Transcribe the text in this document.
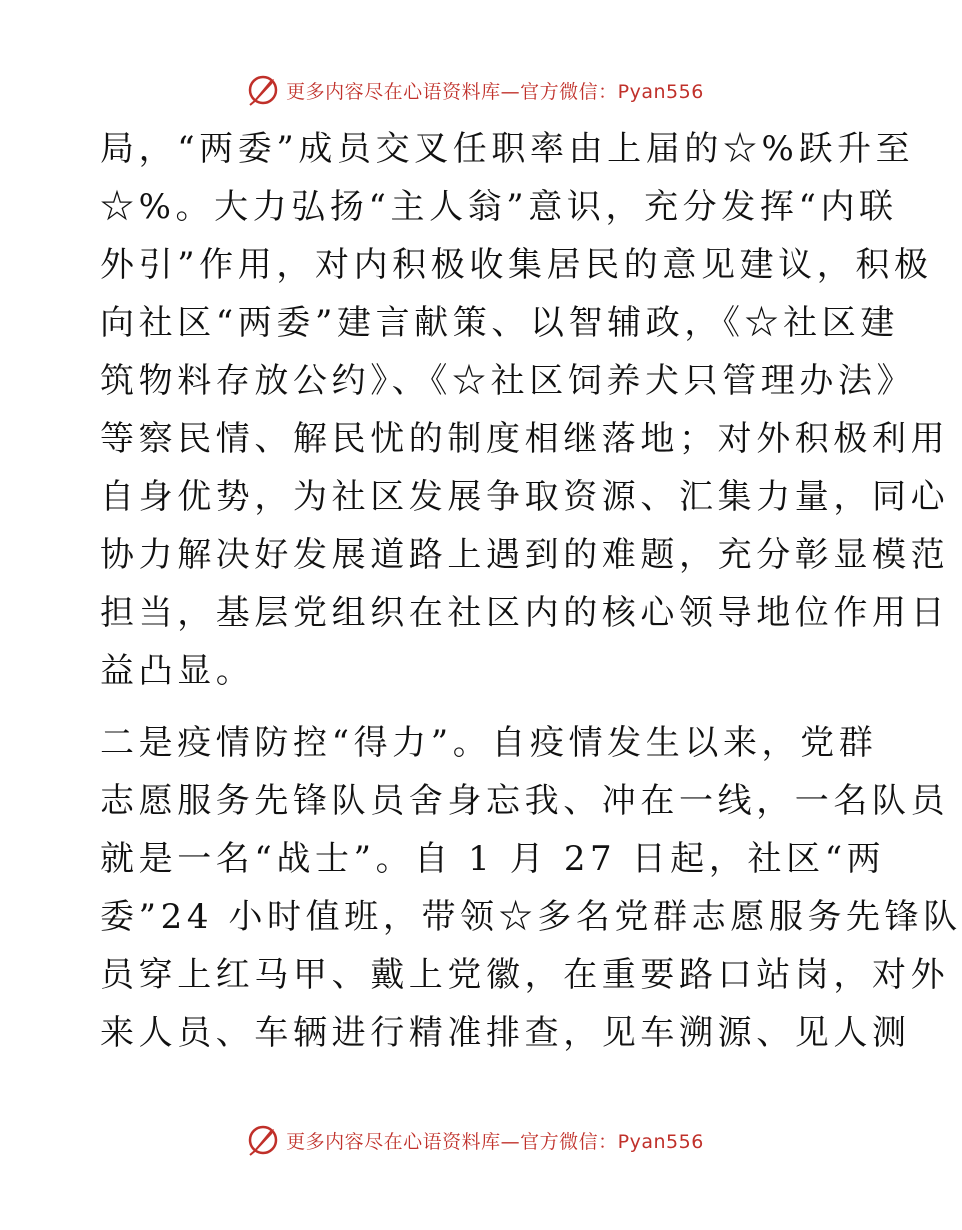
更多内容尽在心语资料库—官方微信：Pyan556
局，“两委”成员交叉任职率由上届的☆%跃升至
☆%。大力弘扬“主人翁”意识，充分发挥“内联
外引”作用，对内积极收集居民的意见建议，积极
向社区“两委”建言献策、以智辅政，《☆社区建
筑物料存放公约》、《☆社区饲养犬只管理办法》
等察民情、解民忧的制度相继落地；对外积极利用
自身优势，为社区发展争取资源、汇集力量，同心
协力解决好发展道路上遇到的难题，充分彰显模范
担当，基层党组织在社区内的核心领导地位作用日
益凸显。
二是疫情防控“得力”。自疫情发生以来，党群
志愿服务先锋队员舍身忘我、冲在一线，一名队员
就是一名“战士”。自 1 月 27 日起，社区“两
委”24 小时值班，带领☆多名党群志愿服务先锋队
员穿上红马甲、戴上党徽，在重要路口站岗，对外
来人员、车辆进行精准排查，见车溯源、见人测
更多内容尽在心语资料库—官方微信：Pyan556
